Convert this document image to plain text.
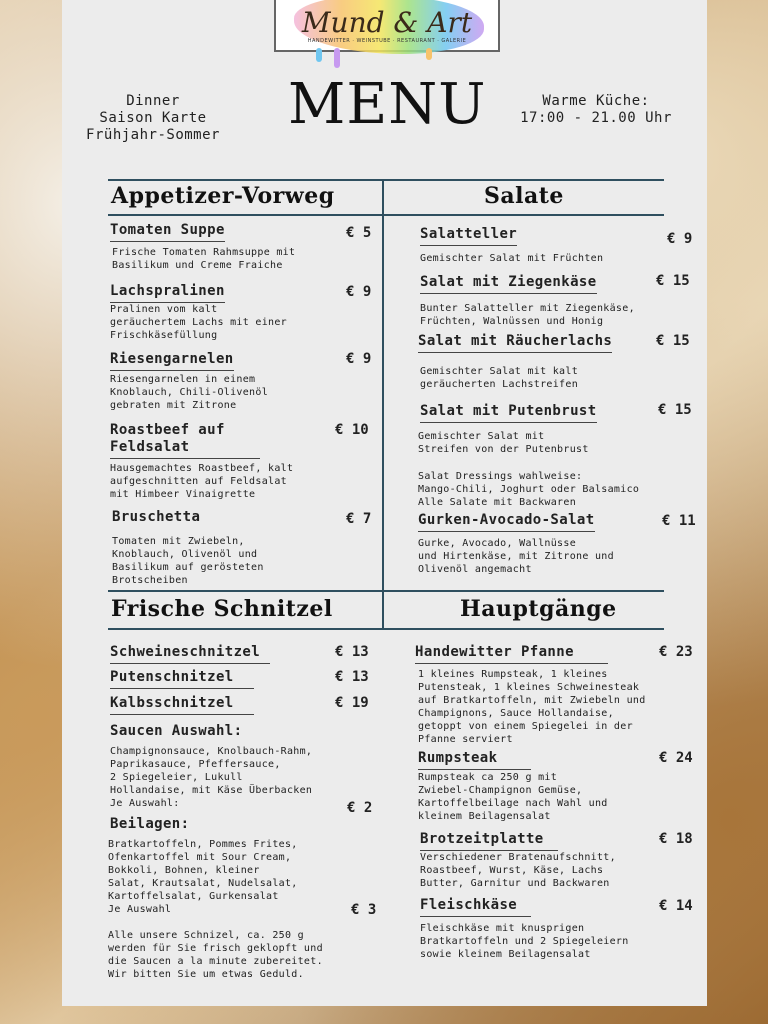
Mund & Art
HANDEWITTER · WEINSTUBE · RESTAURANT · GALERIE
Dinner
Saison Karte
Frühjahr-Sommer MENU	Warme Küche:
17:00 - 21.00 Uhr
Appetizer-Vorweg	Salate
Frische Schnitzel	Hauptgänge
Tomaten Suppe	€ 5
Frische Tomaten Rahmsuppe mit
Basilikum und Creme Fraiche
Lachspralinen	€ 9
Pralinen vom kalt
geräuchertem Lachs mit einer
Frischkäsefüllung
Riesengarnelen	€ 9
Riesengarnelen in einem
Knoblauch, Chili-Olivenöl
gebraten mit Zitrone
Roastbeef auf
Feldsalat
€ 10
Hausgemachtes Roastbeef, kalt
aufgeschnitten auf Feldsalat
mit Himbeer Vinaigrette
Bruschetta	€ 7
Tomaten mit Zwiebeln,
Knoblauch, Olivenöl und
Basilikum auf gerösteten
Brotscheiben
Salatteller	€ 9
Gemischter Salat mit Früchten
Salat mit Ziegenkäse	€ 15
Bunter Salatteller mit Ziegenkäse,
Früchten, Walnüssen und Honig
Salat mit Räucherlachs	€ 15
Gemischter Salat mit kalt
geräucherten Lachstreifen
Salat mit Putenbrust	€ 15
Gemischter Salat mit
Streifen von der Putenbrust
Salat Dressings wahlweise:
Mango-Chili, Joghurt oder Balsamico
Alle Salate mit Backwaren
Gurken-Avocado-Salat	€ 11
Gurke, Avocado, Wallnüsse
und Hirtenkäse, mit Zitrone und
Olivenöl angemacht
Schweineschnitzel	€ 13
Putenschnitzel	€ 13
Kalbsschnitzel	€ 19
Saucen Auswahl:
Champignonsauce, Knolbauch-Rahm,
Paprikasauce, Pfeffersauce,
2 Spiegeleier, Lukull
Hollandaise, mit Käse Überbacken
Je Auswahl:	€ 2
Beilagen:
Bratkartoffeln, Pommes Frites,
Ofenkartoffel mit Sour Cream,
Bokkoli, Bohnen, kleiner
Salat, Krautsalat, Nudelsalat,
Kartoffelsalat, Gurkensalat
Je Auswahl	€ 3
Alle unsere Schnizel, ca. 250 g
werden für Sie frisch geklopft und
die Saucen a la minute zubereitet.
Wir bitten Sie um etwas Geduld.
Handewitter Pfanne	€ 23
1 kleines Rumpsteak, 1 kleines
Putensteak, 1 kleines Schweinesteak
auf Bratkartoffeln, mit Zwiebeln und
Champignons, Sauce Hollandaise,
getoppt von einem Spiegelei in der
Pfanne serviert
Rumpsteak	€ 24
Rumpsteak ca 250 g mit
Zwiebel-Champignon Gemüse,
Kartoffelbeilage nach Wahl und
kleinem Beilagensalat
Brotzeitplatte	€ 18
Verschiedener Bratenaufschnitt,
Roastbeef, Wurst, Käse, Lachs
Butter, Garnitur und Backwaren
Fleischkäse	€ 14
Fleischkäse mit knusprigen
Bratkartoffeln und 2 Spiegeleiern
sowie kleinem Beilagensalat
